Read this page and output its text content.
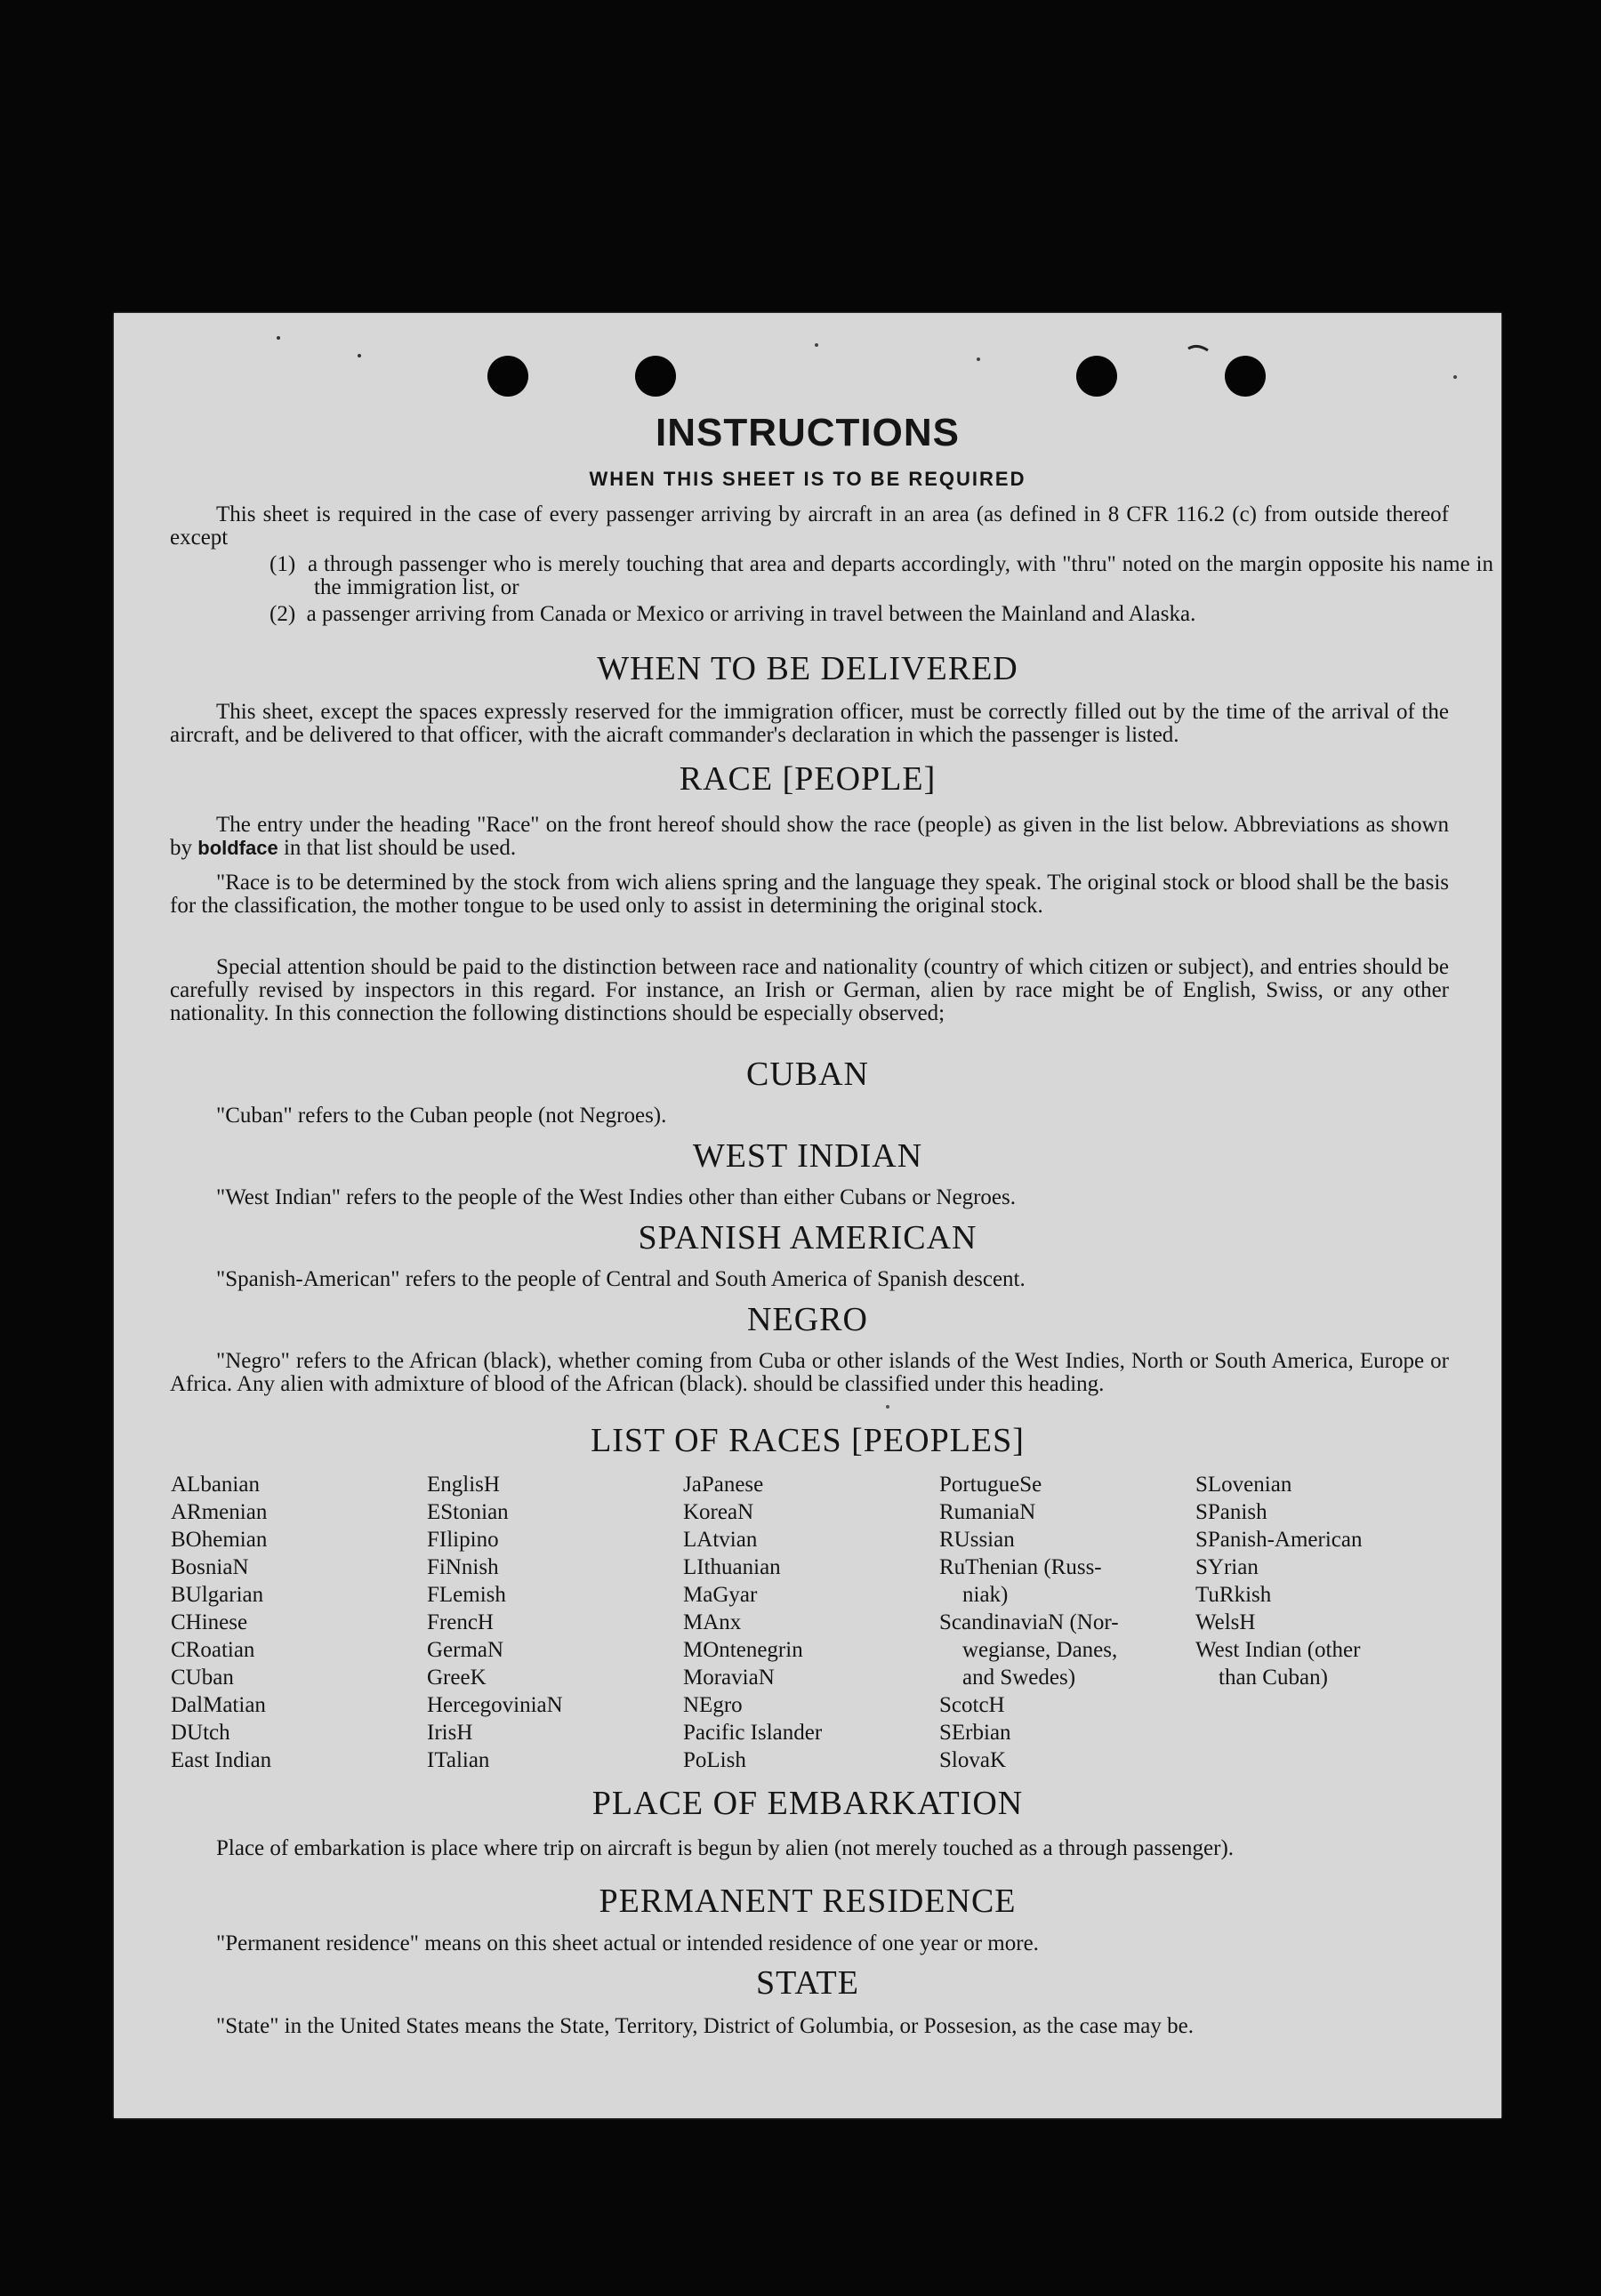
INSTRUCTIONS
WHEN THIS SHEET IS TO BE REQUIRED
This sheet is required in the case of every passenger arriving by aircraft in an area (as defined in 8 CFR 116.2 (c) from outside thereof except
(1) a through passenger who is merely touching that area and departs accordingly, with "thru" noted on the margin opposite his name in the immigration list, or
(2) a passenger arriving from Canada or Mexico or arriving in travel between the Mainland and Alaska.
WHEN TO BE DELIVERED
This sheet, except the spaces expressly reserved for the immigration officer, must be correctly filled out by the time of the arrival of the aircraft, and be delivered to that officer, with the aicraft commander's declaration in which the passenger is listed.
RACE [PEOPLE]
The entry under the heading "Race" on the front hereof should show the race (people) as given in the list below. Abbreviations as shown by boldface in that list should be used.
"Race is to be determined by the stock from wich aliens spring and the language they speak. The original stock or blood shall be the basis for the classification, the mother tongue to be used only to assist in determining the original stock.
Special attention should be paid to the distinction between race and nationality (country of which citizen or subject), and entries should be carefully revised by inspectors in this regard. For instance, an Irish or German, alien by race might be of English, Swiss, or any other nationality. In this connection the following distinctions should be especially observed;
CUBAN
"Cuban" refers to the Cuban people (not Negroes).
WEST INDIAN
"West Indian" refers to the people of the West Indies other than either Cubans or Negroes.
SPANISH AMERICAN
"Spanish-American" refers to the people of Central and South America of Spanish descent.
NEGRO
"Negro" refers to the African (black), whether coming from Cuba or other islands of the West Indies, North or South America, Europe or Africa. Any alien with admixture of blood of the African (black). should be classified under this heading.
LIST OF RACES [PEOPLES]
ALbanian
ARmenian
BOhemian
BosniaN
BUlgarian
CHinese
CRoatian
CUban
DalMatian
DUtch
East Indian
EnglisH
EStonian
FIlipino
FiNnish
FLemish
FrencH
GermaN
GreeK
HercegovinіaN
IrisH
ITalian
JaPanese
KoreaN
LAtvian
LIthuanian
MaGyar
MAnx
MOntenegrin
MoraviaN
NEgro
Pacific Islander
PoLish
PortugueSe
RumaniaN
RUssian
RuThenian (Russ-
niak)
ScandinaviaN (Nor-
wegianse, Danes,
and Swedes)
ScotcH
SErbian
SlovaK
SLovenian
SPanish
SPanish-American
SYrian
TuRkish
WelsH
West Indian (other
than Cuban)
PLACE OF EMBARKATION
Place of embarkation is place where trip on aircraft is begun by alien (not merely touched as a through passenger).
PERMANENT RESIDENCE
"Permanent residence" means on this sheet actual or intended residence of one year or more.
STATE
"State" in the United States means the State, Territory, District of Golumbia, or Possesion, as the case may be.
